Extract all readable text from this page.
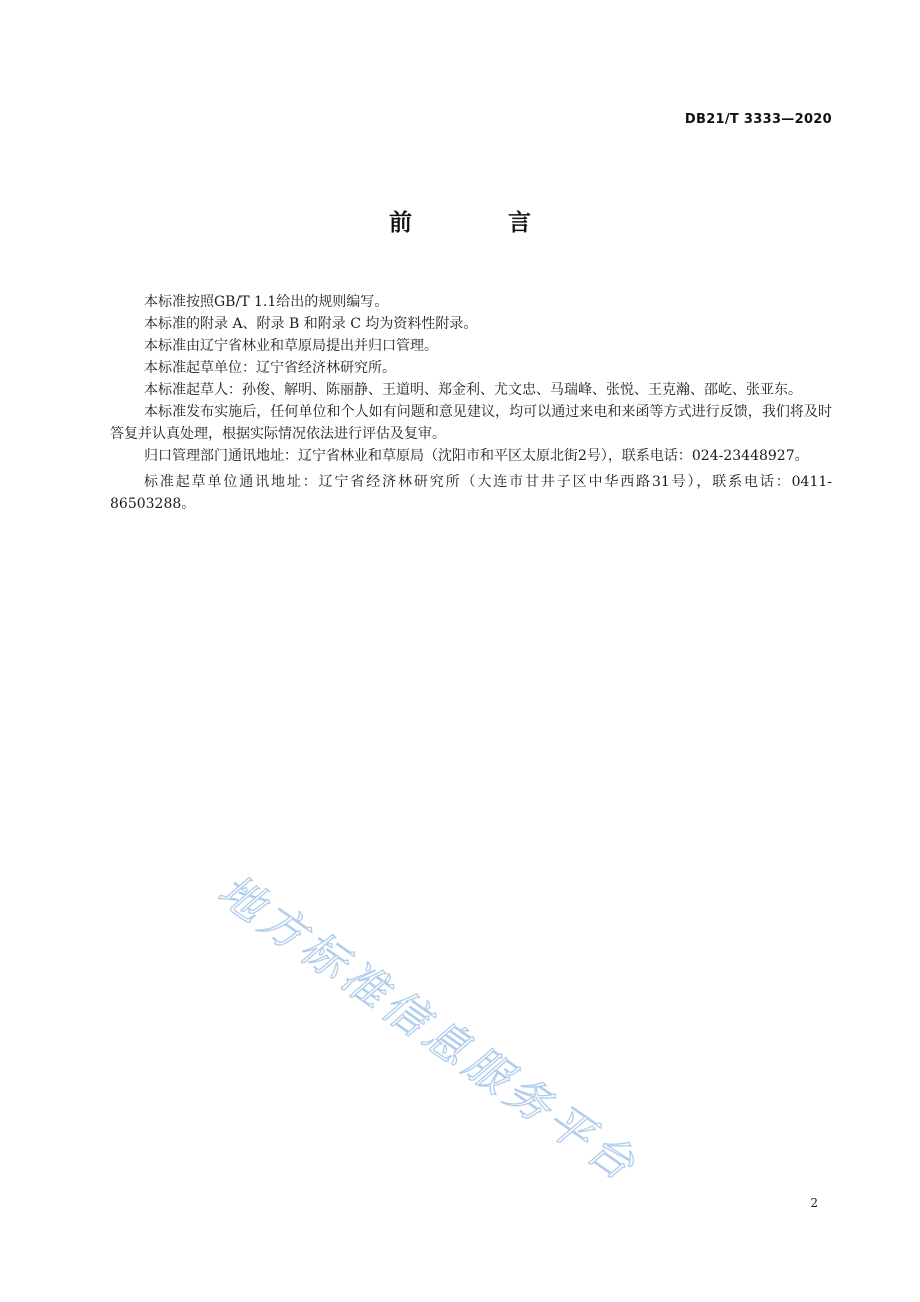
DB21/T 3333—2020
前 言

本标准按照GB/T 1.1给出的规则编写。

本标准的附录 A、附录 B 和附录 C 均为资料性附录。

本标准由辽宁省林业和草原局提出并归口管理。

本标准起草单位：辽宁省经济林研究所。

本标准起草人：孙俊、解明、陈丽静、王道明、郑金利、尤文忠、马瑞峰、张悦、王克瀚、邵屹、张亚东。

本标准发布实施后，任何单位和个人如有问题和意见建议，均可以通过来电和来函等方式进行反馈，我们将及时答复并认真处理，根据实际情况依法进行评估及复审。

归口管理部门通讯地址：辽宁省林业和草原局（沈阳市和平区太原北街2号），联系电话：024-23448927。

标准起草单位通讯地址：辽宁省经济林研究所（大连市甘井子区中华西路31号），联系电话：0411-86503288。

地方标准信息服务平台
2
